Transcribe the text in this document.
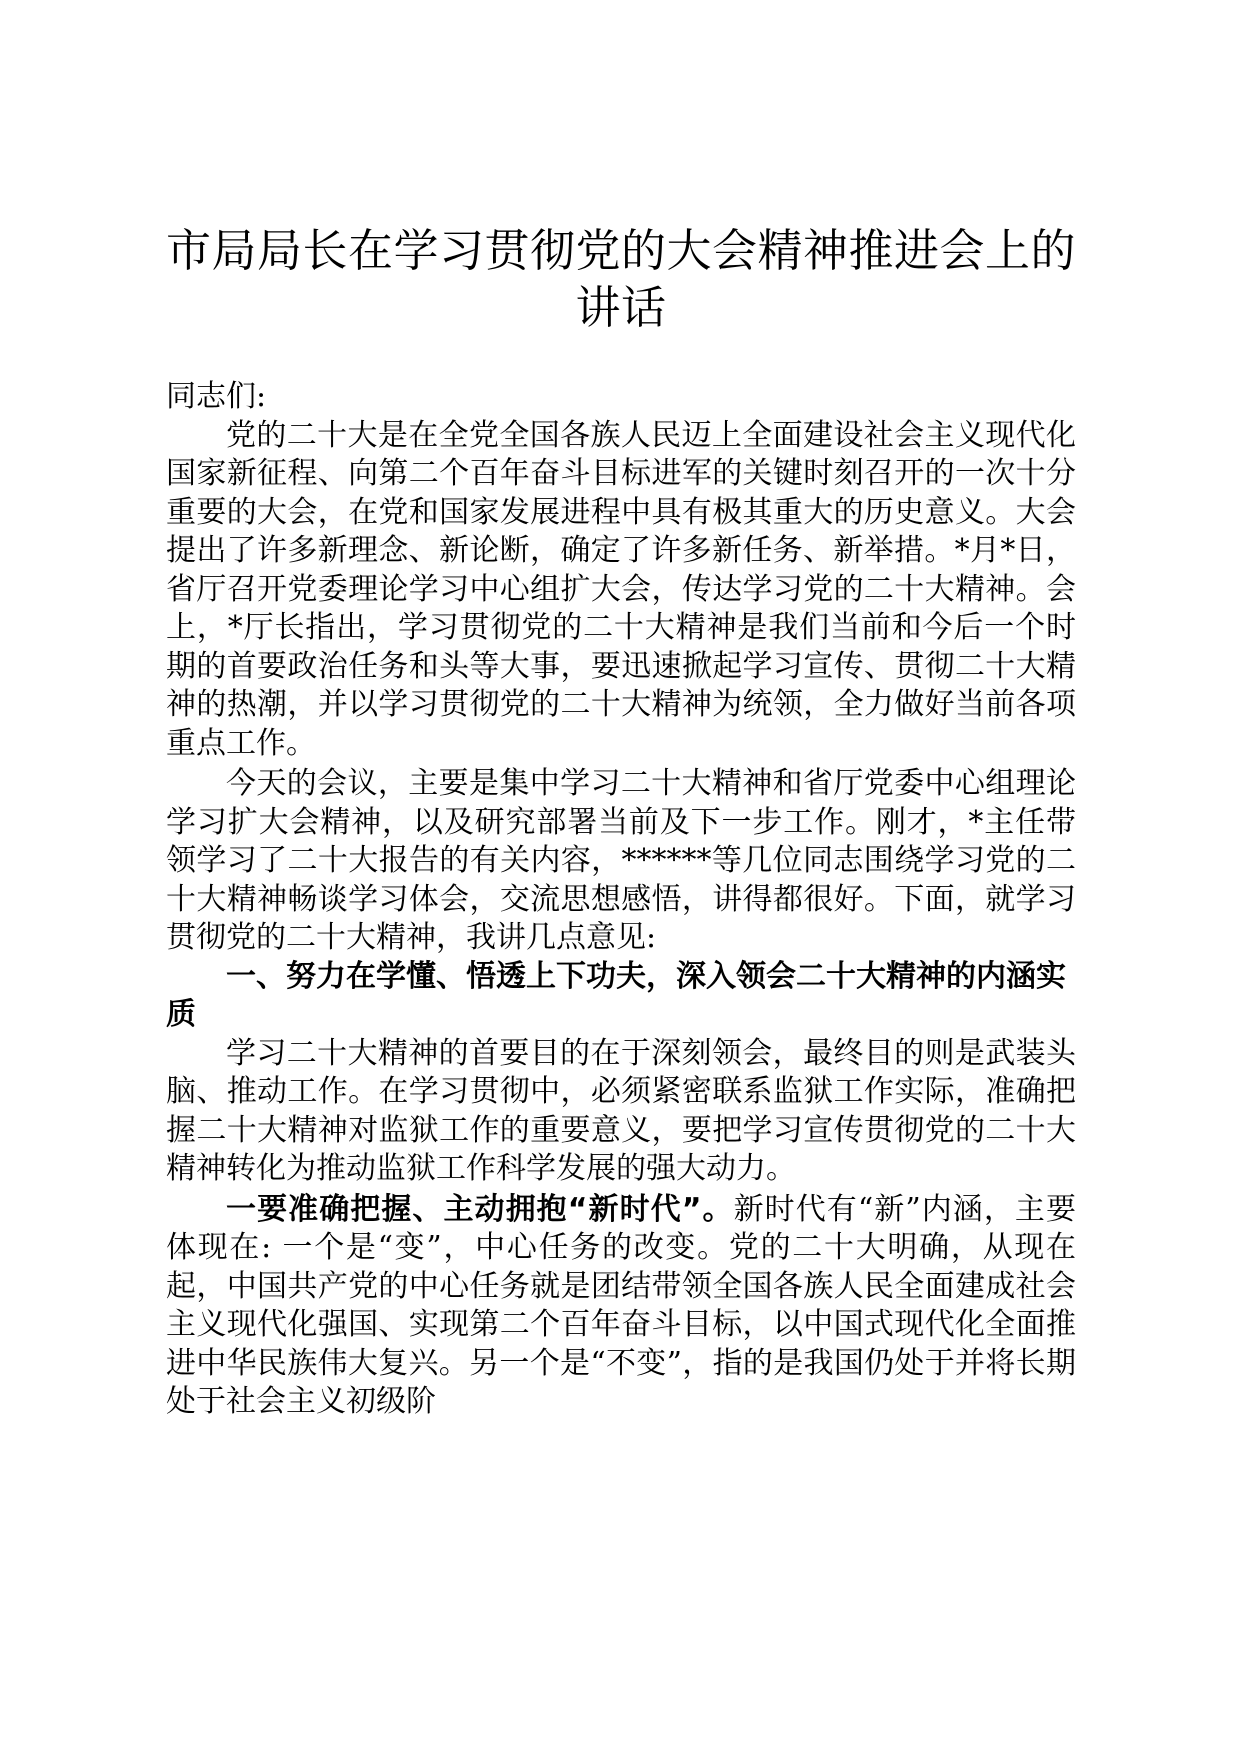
市局局长在学习贯彻党的大会精神推进会上的
讲话

同志们:

党的二十大是在全党全国各族人民迈上全面建设社会主义现代化国家新征程、向第二个百年奋斗目标进军的关键时刻召开的一次十分重要的大会，在党和国家发展进程中具有极其重大的历史意义。大会提出了许多新理念、新论断，确定了许多新任务、新举措。*月*日，省厅召开党委理论学习中心组扩大会，传达学习党的二十大精神。会上，*厅长指出，学习贯彻党的二十大精神是我们当前和今后一个时期的首要政治任务和头等大事，要迅速掀起学习宣传、贯彻二十大精神的热潮，并以学习贯彻党的二十大精神为统领，全力做好当前各项重点工作。

今天的会议，主要是集中学习二十大精神和省厅党委中心组理论学习扩大会精神，以及研究部署当前及下一步工作。刚才，*主任带领学习了二十大报告的有关内容，******等几位同志围绕学习党的二十大精神畅谈学习体会，交流思想感悟，讲得都很好。下面，就学习贯彻党的二十大精神，我讲几点意见:

一、努力在学懂、悟透上下功夫，深入领会二十大精神的内涵实质

学习二十大精神的首要目的在于深刻领会，最终目的则是武装头脑、推动工作。在学习贯彻中，必须紧密联系监狱工作实际，准确把握二十大精神对监狱工作的重要意义，要把学习宣传贯彻党的二十大精神转化为推动监狱工作科学发展的强大动力。

一要准确把握、主动拥抱“新时代”。新时代有“新”内涵，主要体现在: 一个是“变”，中心任务的改变。党的二十大明确，从现在起，中国共产党的中心任务就是团结带领全国各族人民全面建成社会主义现代化强国、实现第二个百年奋斗目标，以中国式现代化全面推进中华民族伟大复兴。另一个是“不变”，指的是我国仍处于并将长期处于社会主义初级阶
